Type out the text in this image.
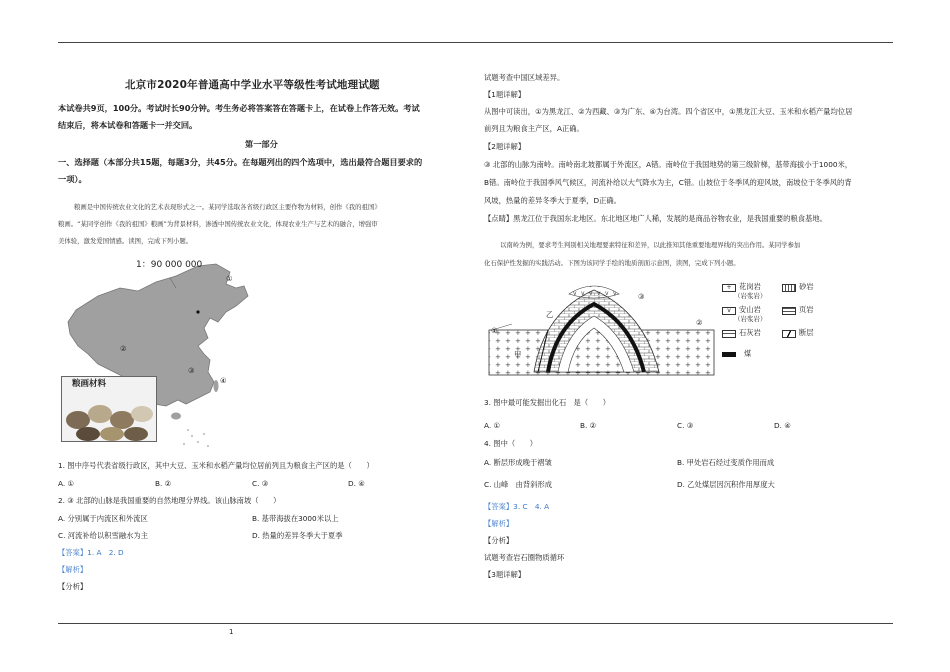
1
北京市2020年普通高中学业水平等级性考试地理试题
本试卷共9页，100分。考试时长90分钟。考生务必将答案答在答题卡上，在试卷上作答无效。考试
结束后，将本试卷和答题卡一并交回。
第一部分
一、选择题（本部分共15题，每题3分，共45分。在每题列出的四个选项中，选出最符合题目要求的
一项）。
粮画是中国传统农业文化的艺术表现形式之一。某同学选取各省级行政区主要作物为材料，创作《我的祖国》
粮画。“某同学创作《我的祖国》粮画”为背景材料，渗透中国传统农业文化，体现农业生产与艺术的融合，增强审
美体验，激发爱国情感。读图，完成下列小题。
1：90 000 000
①
②
③
④
粮画材料
1. 图中序号代表省级行政区，其中大豆、玉米和水稻产量均位居前列且为粮食主产区的是（　　）
A. ①	B. ②	C. ③	D. ④
2. ③ 北部的山脉是我国重要的自然地理分界线。该山脉南坡（　　）
A. 分别属于内流区和外流区	B. 基带海拔在3000米以上
C. 河流补给以积雪融水为主	D. 热量的差异冬季大于夏季
【答案】1. A　2. D
【解析】
【分析】
试题考查中国区域差异。
【1题详解】
从图中可读出，①为黑龙江、②为西藏、③为广东、④为台湾。四个省区中，①黑龙江大豆、玉米和水稻产量均位居
前列且为粮食主产区，A正确。
【2题详解】
③ 北部的山脉为南岭。南岭南北坡都属于外流区，A错。南岭位于我国地势的第三级阶梯，基带海拔小于1000米，
B错。南岭位于我国季风气候区，河流补给以大气降水为主，C错。山坡位于冬季风的迎风坡，南坡位于冬季风的背
风坡，热量的差异冬季大于夏季，D正确。
【点睛】黑龙江位于我国东北地区。东北地区地广人稀，发展的是商品谷物农业，是我国重要的粮食基地。
以南岭为例，要求考生判别相关地理要素特征和差异，以此推知其他重要地理界线的突出作用。某同学参加
化石保护性发掘的实践活动。下图为该同学手绘的地质剖面示意图，读图，完成下列小题。
①
②
③
乙
甲
+	花岗岩
（岩浆岩）
砂岩
v	安山岩
（岩浆岩）
页岩
石灰岩	断层
煤
3. 图中最可能发掘出化石　是（　　）
A. ①	B. ②	C. ③	D. ④
4. 图中（　　）
A. 断层形成晚于褶皱	B. 甲处岩石经过变质作用而成
C. 山峰　由背斜形成	D. 乙处煤层因沉积作用厚度大
【答案】3. C　4. A
【解析】
【分析】
试题考查岩石圈物质循环
【3题详解】
